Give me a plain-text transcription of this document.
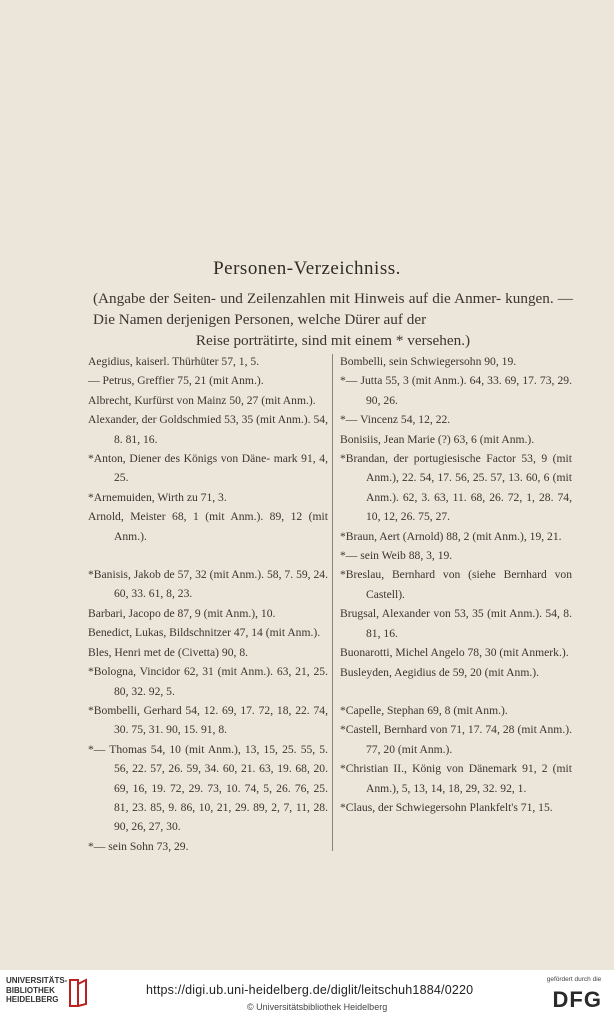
Personen-Verzeichniss.
(Angabe der Seiten- und Zeilenzahlen mit Hinweis auf die Anmer- kungen. — Die Namen derjenigen Personen, welche Dürer auf der
Reise porträtirte, sind mit einem * versehen.)
Aegidius, kaiserl. Thürhüter 57, 1, 5.
— Petrus, Greffier 75, 21 (mit Anm.).
Albrecht, Kurfürst von Mainz 50, 27 (mit Anm.).
Alexander, der Goldschmied 53, 35 (mit Anm.). 54, 8. 81, 16.
*Anton, Diener des Königs von Däne- mark 91, 4, 25.
*Arnemuiden, Wirth zu 71, 3.
Arnold, Meister 68, 1 (mit Anm.). 89, 12 (mit Anm.).
*Banisis, Jakob de 57, 32 (mit Anm.). 58, 7. 59, 24. 60, 33. 61, 8, 23.
Barbari, Jacopo de 87, 9 (mit Anm.), 10.
Benedict, Lukas, Bildschnitzer 47, 14 (mit Anm.).
Bles, Henri met de (Civetta) 90, 8.
*Bologna, Vincidor 62, 31 (mit Anm.). 63, 21, 25. 80, 32. 92, 5.
*Bombelli, Gerhard 54, 12. 69, 17. 72, 18, 22. 74, 30. 75, 31. 90, 15. 91, 8.
*— Thomas 54, 10 (mit Anm.), 13, 15, 25. 55, 5. 56, 22. 57, 26. 59, 34. 60, 21. 63, 19. 68, 20. 69, 16, 19. 72, 29. 73, 10. 74, 5, 26. 76, 25. 81, 23. 85, 9. 86, 10, 21, 29. 89, 2, 7, 11, 28. 90, 26, 27, 30.
*— sein Sohn 73, 29.
Bombelli, sein Schwiegersohn 90, 19.
*— Jutta 55, 3 (mit Anm.). 64, 33. 69, 17. 73, 29. 90, 26.
*— Vincenz 54, 12, 22.
Bonisiis, Jean Marie (?) 63, 6 (mit Anm.).
*Brandan, der portugiesische Factor 53, 9 (mit Anm.), 22. 54, 17. 56, 25. 57, 13. 60, 6 (mit Anm.). 62, 3. 63, 11. 68, 26. 72, 1, 28. 74, 10, 12, 26. 75, 27.
*Braun, Aert (Arnold) 88, 2 (mit Anm.), 19, 21.
*— sein Weib 88, 3, 19.
*Breslau, Bernhard von (siehe Bernhard von Castell).
Brugsal, Alexander von 53, 35 (mit Anm.). 54, 8. 81, 16.
Buonarotti, Michel Angelo 78, 30 (mit Anmerk.).
Busleyden, Aegidius de 59, 20 (mit Anm.).
*Capelle, Stephan 69, 8 (mit Anm.).
*Castell, Bernhard von 71, 17. 74, 28 (mit Anm.). 77, 20 (mit Anm.).
*Christian II., König von Dänemark 91, 2 (mit Anm.), 5, 13, 14, 18, 29, 32. 92, 1.
*Claus, der Schwiegersohn Plankfelt's 71, 15.
UNIVERSITÄTS-
BIBLIOTHEK
HEIDELBERG
https://digi.ub.uni-heidelberg.de/diglit/leitschuh1884/0220
© Universitätsbibliothek Heidelberg
gefördert durch die
DFG
